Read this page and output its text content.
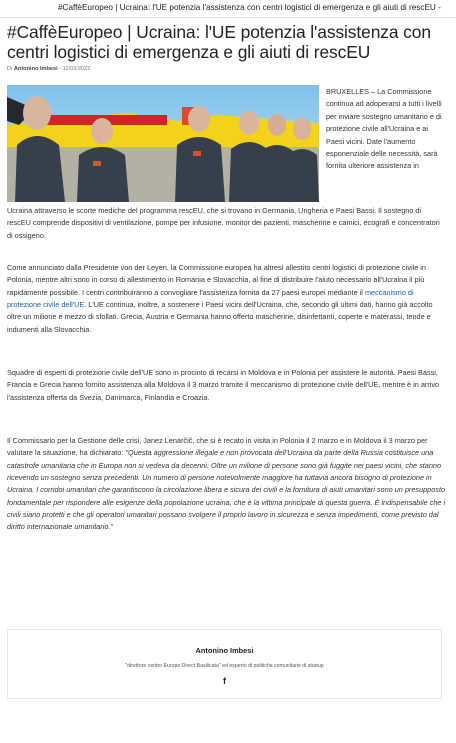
#CaffèEuropeo | Ucraina: l'UE potenzia l'assistenza con centri logistici di emergenza e gli aiuti di rescEU -
#CaffèEuropeo | Ucraina: l'UE potenzia l'assistenza con centri logistici di emergenza e gli aiuti di rescEU
Di Antonino Imbesi - 11/03/2022

BRUXELLES – La Commissione continua ad adoperarsi a tutti i livelli per inviare sostegno umanitario e di protezione civile all'Ucraina e ai Paesi vicini. Date l'aumento esponenziale delle necessità, sarà fornita ulteriore assistenza in

Ucraina attraverso le scorte mediche del programma rescEU, che si trovano in Germania, Ungheria e Paesi Bassi. Il sostegno di rescEU comprende dispositivi di ventilazione, pompe per infusione, monitor dei pazienti, mascherine e camici, ecografi e concentratori di ossigeno.

Come annunciato dalla Presidente von der Leyen, la Commissione europea ha altresì allestito centri logistici di protezione civile in Polonia, mentre altri sono in corso di allestimento in Romania e Slovacchia, al fine di distribuire l'aiuto necessario all'Ucraina il più rapidamente possibile. I centri contribuiranno a convogliare l'assistenza fornita da 27 paesi europei mediante il meccanismo di protezione civile dell'UE. L'UE continua, inoltre, a sostenere i Paesi vicini dell'Ucraina, che, secondo gli ultimi dati, hanno già accolto oltre un milione e mezzo di sfollati. Grecia, Austria e Germania hanno offerto mascherine, disinfettanti, coperte e materassi, tende e indumenti alla Slovacchia.

Squadre di esperti di protezione civile dell'UE sono in procinto di recarsi in Moldova e in Polonia per assistere le autorità. Paesi Bassi, Francia e Grecia hanno fornito assistenza alla Moldova il 3 marzo tramite il meccanismo di protezione civile dell'UE, mentre è in arrivo l'assistenza offerta da Svezia, Danimarca, Finlandia e Croazia.

Il Commissario per la Gestione delle crisi, Janez Lenarčič, che si è recato in visita in Polonia il 2 marzo e in Moldova il 3 marzo per valutare la situazione, ha dichiarato: "Questa aggressione illegale e non provocata dell'Ucraina da parte della Russia costituisce una catastrofe umanitaria che in Europa non si vedeva da decenni. Oltre un milione di persone sono già fuggite nei paesi vicini, che stanno ricevendo un sostegno senza precedenti. Un numero di persone notevolmente maggiore ha tuttavia ancora bisogno di protezione in Ucraina. I corridoi umanitari che garantiscono la circolazione libera e sicura dei civili e la fornitura di aiuti umanitari sono un presupposto fondamentale per rispondere alle esigenze della popolazione ucraina, che è la vittima principale di questa guerra. È indispensabile che i civili siano protetti e che gli operatori umanitari possano svolgere il proprio lavoro in sicurezza e senza impedimenti, come previsto dal diritto internazionale umanitario."

Antonino Imbesi
"direttore centro Europe Direct Basilicata" ed esperto di politiche comunitarie di startup
f
